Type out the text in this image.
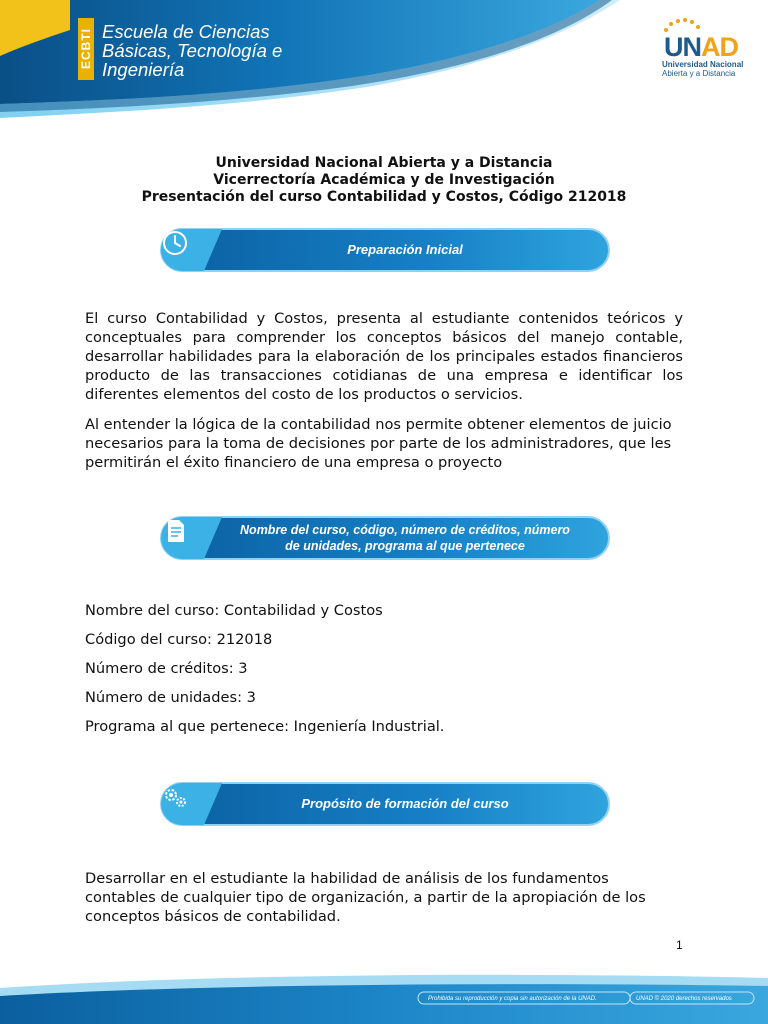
ECBTI Escuela de Ciencias
Básicas, Tecnología e
Ingeniería
UNAD
Universidad Nacional
Abierta y a Distancia
Universidad Nacional Abierta y a Distancia
Vicerrectoría Académica y de Investigación
Presentación del curso Contabilidad y Costos, Código 212018
Preparación Inicial
El curso Contabilidad y Costos, presenta al estudiante contenidos teóricos y conceptuales para comprender los conceptos básicos del manejo contable, desarrollar habilidades para la elaboración de los principales estados financieros producto de las transacciones cotidianas de una empresa e identificar los diferentes elementos del costo de los productos o servicios.
Al entender la lógica de la contabilidad nos permite obtener elementos de juicio necesarios para la toma de decisiones por parte de los administradores, que les permitirán el éxito financiero de una empresa o proyecto
Nombre del curso, código, número de créditos, número
de unidades, programa al que pertenece
Nombre del curso: Contabilidad y Costos
Código del curso: 212018
Número de créditos: 3
Número de unidades: 3
Programa al que pertenece: Ingeniería Industrial.
Propósito de formación del curso
Desarrollar en el estudiante la habilidad de análisis de los fundamentos contables de cualquier tipo de organización, a partir de la apropiación de los conceptos básicos de contabilidad.
1
Prohibida su reproducción y copia sin autorización de la UNAD.	UNAD © 2020 derechos reservados
